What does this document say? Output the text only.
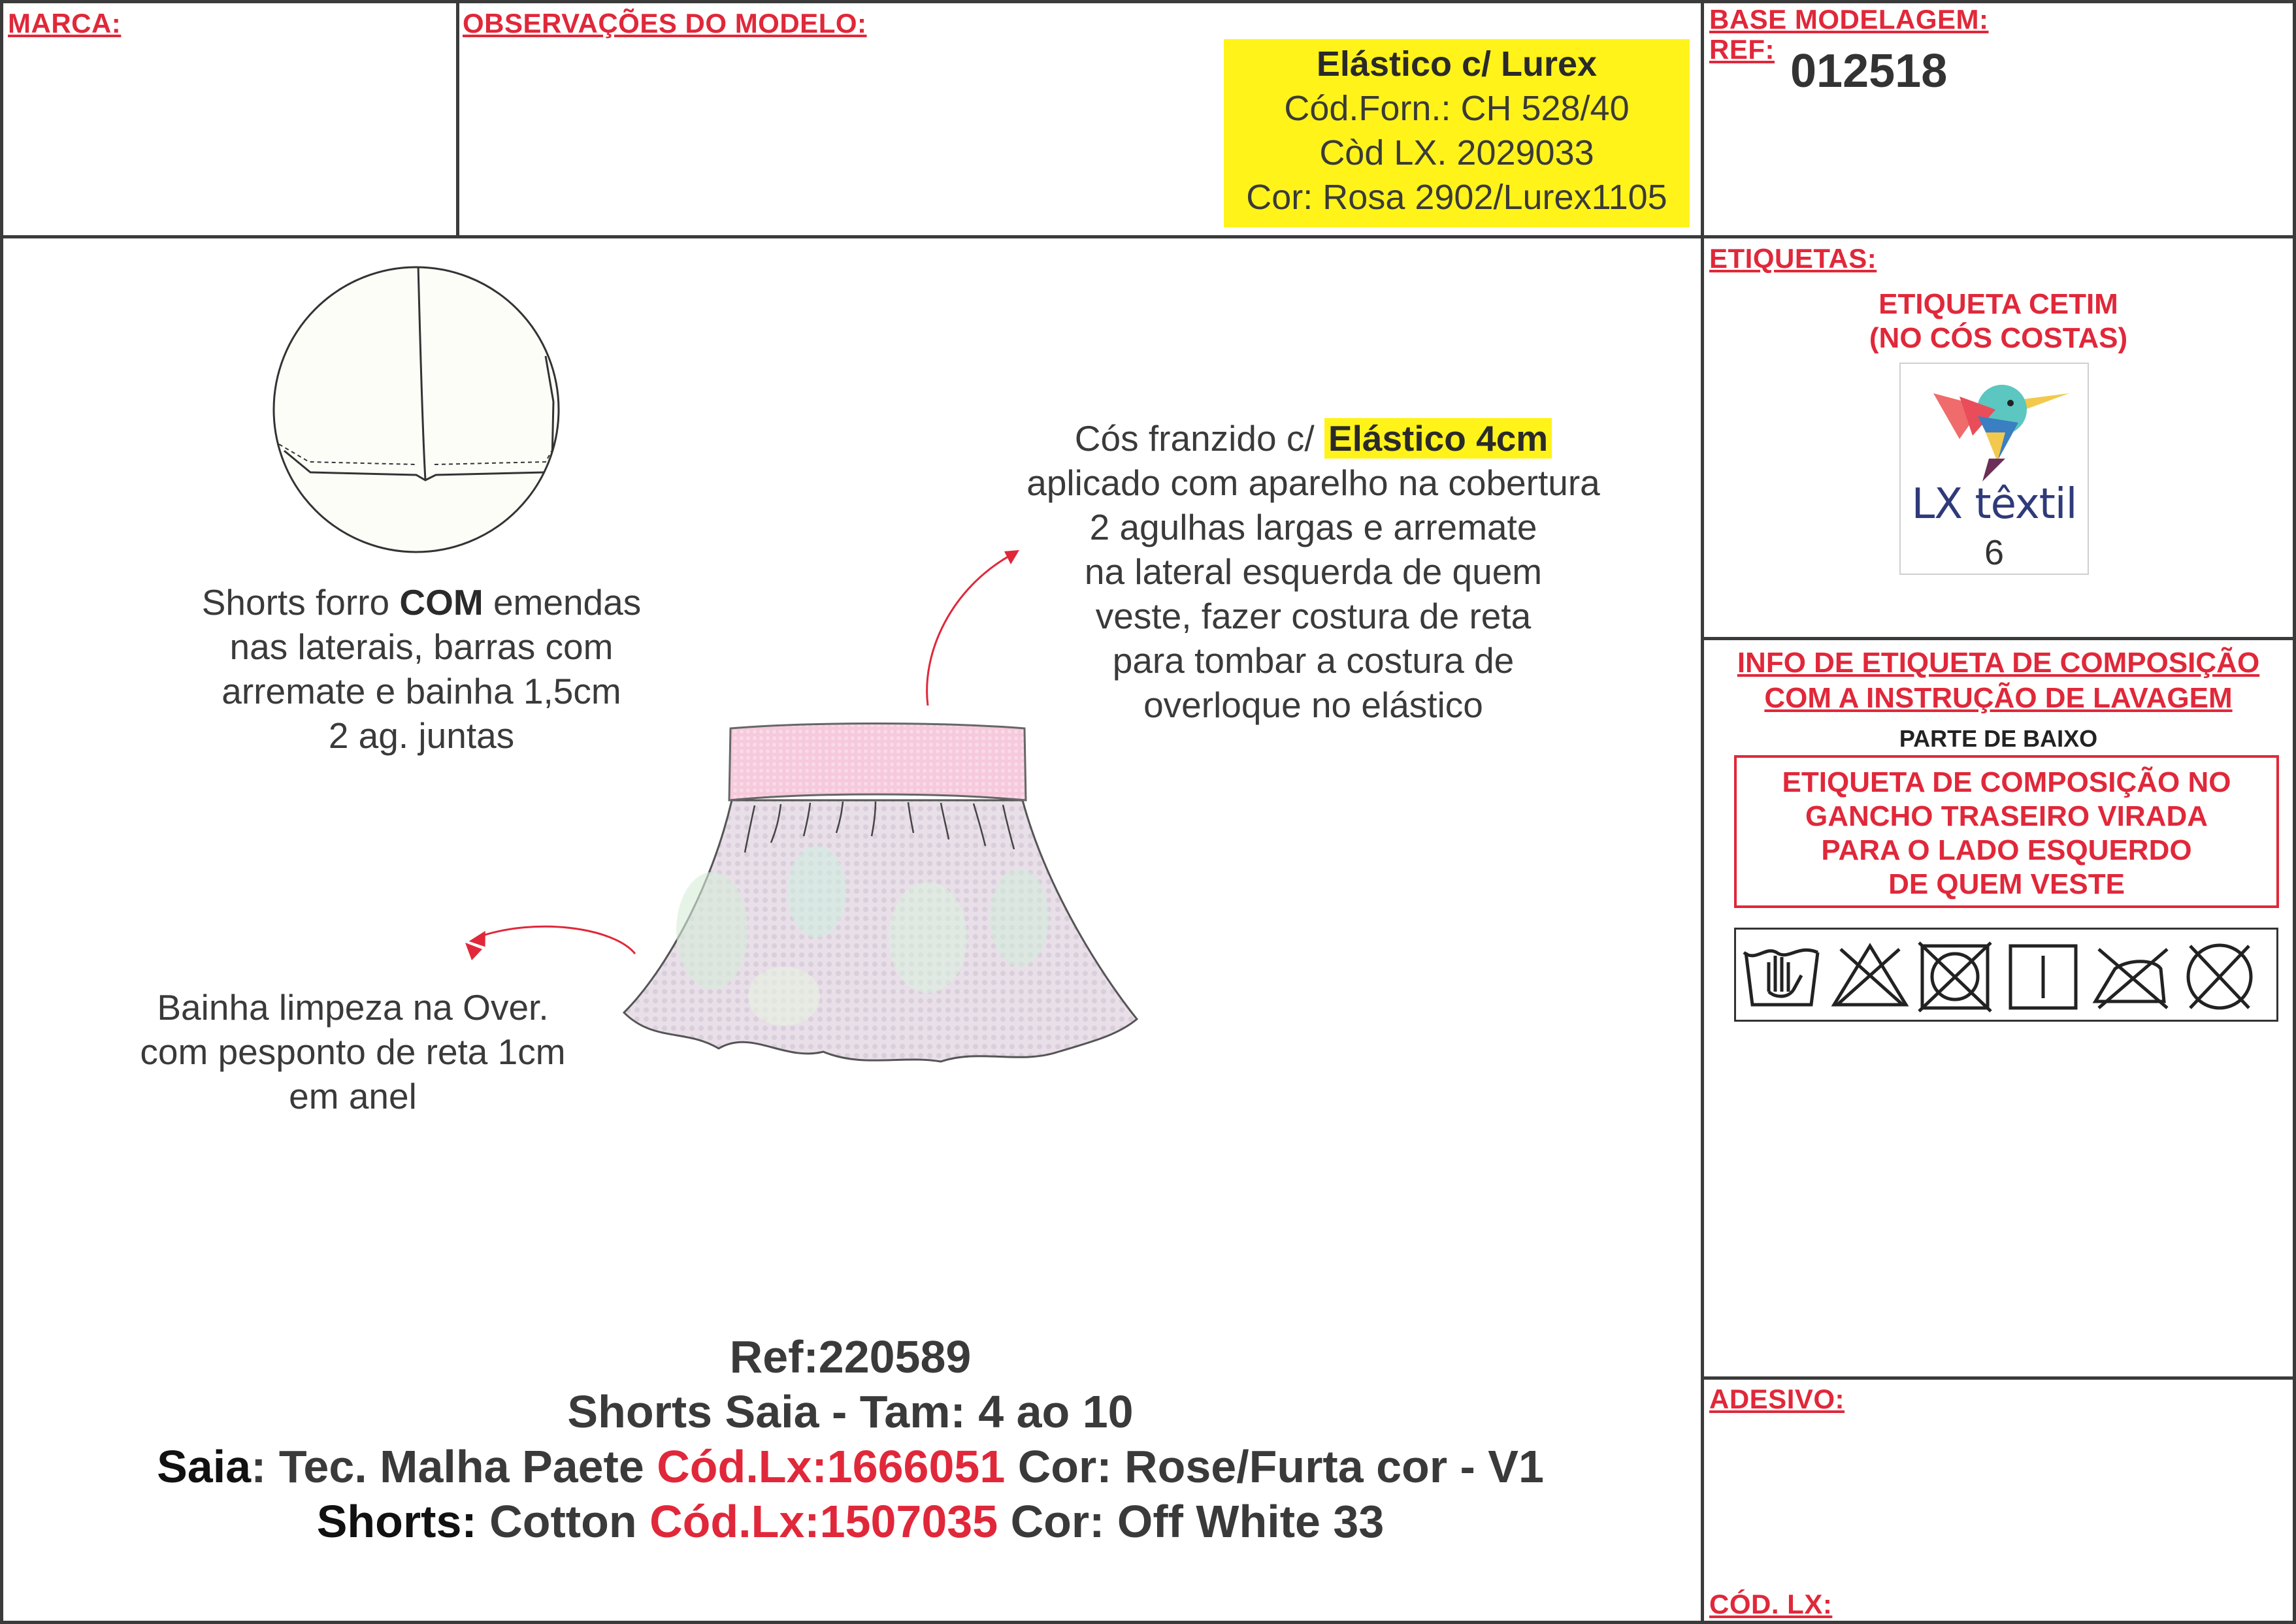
MARCA:	OBSERVAÇÕES DO MODELO:	BASE MODELAGEM:
REF: 012518
Elástico c/ Lurex
Cód.Forn.: CH 528/40
Còd LX. 2029033
Cor: Rosa 2902/Lurex1105
Cós franzido c/ Elástico 4cm
aplicado com aparelho na cobertura
2 agulhas largas e arremate
na lateral esquerda de quem
veste, fazer costura de reta
para tombar a costura de
overloque no elástico
Shorts forro COM emendas
nas laterais, barras com
arremate e bainha 1,5cm
2 ag. juntas
Bainha limpeza na Over.
com pesponto de reta 1cm
em anel
Ref:220589
Shorts Saia - Tam: 4 ao 10
Saia: Tec. Malha Paete Cód.Lx:1666051 Cor: Rose/Furta cor - V1
Shorts: Cotton Cód.Lx:1507035 Cor: Off White 33
ETIQUETAS:
ETIQUETA CETIM
(NO CÓS COSTAS)
LX têxtil
6
INFO DE ETIQUETA DE COMPOSIÇÃO
COM A INSTRUÇÃO DE LAVAGEM
PARTE DE BAIXO
ETIQUETA DE COMPOSIÇÃO NO
GANCHO TRASEIRO VIRADA
PARA O LADO ESQUERDO
DE QUEM VESTE
ADESIVO:
CÓD. LX:
